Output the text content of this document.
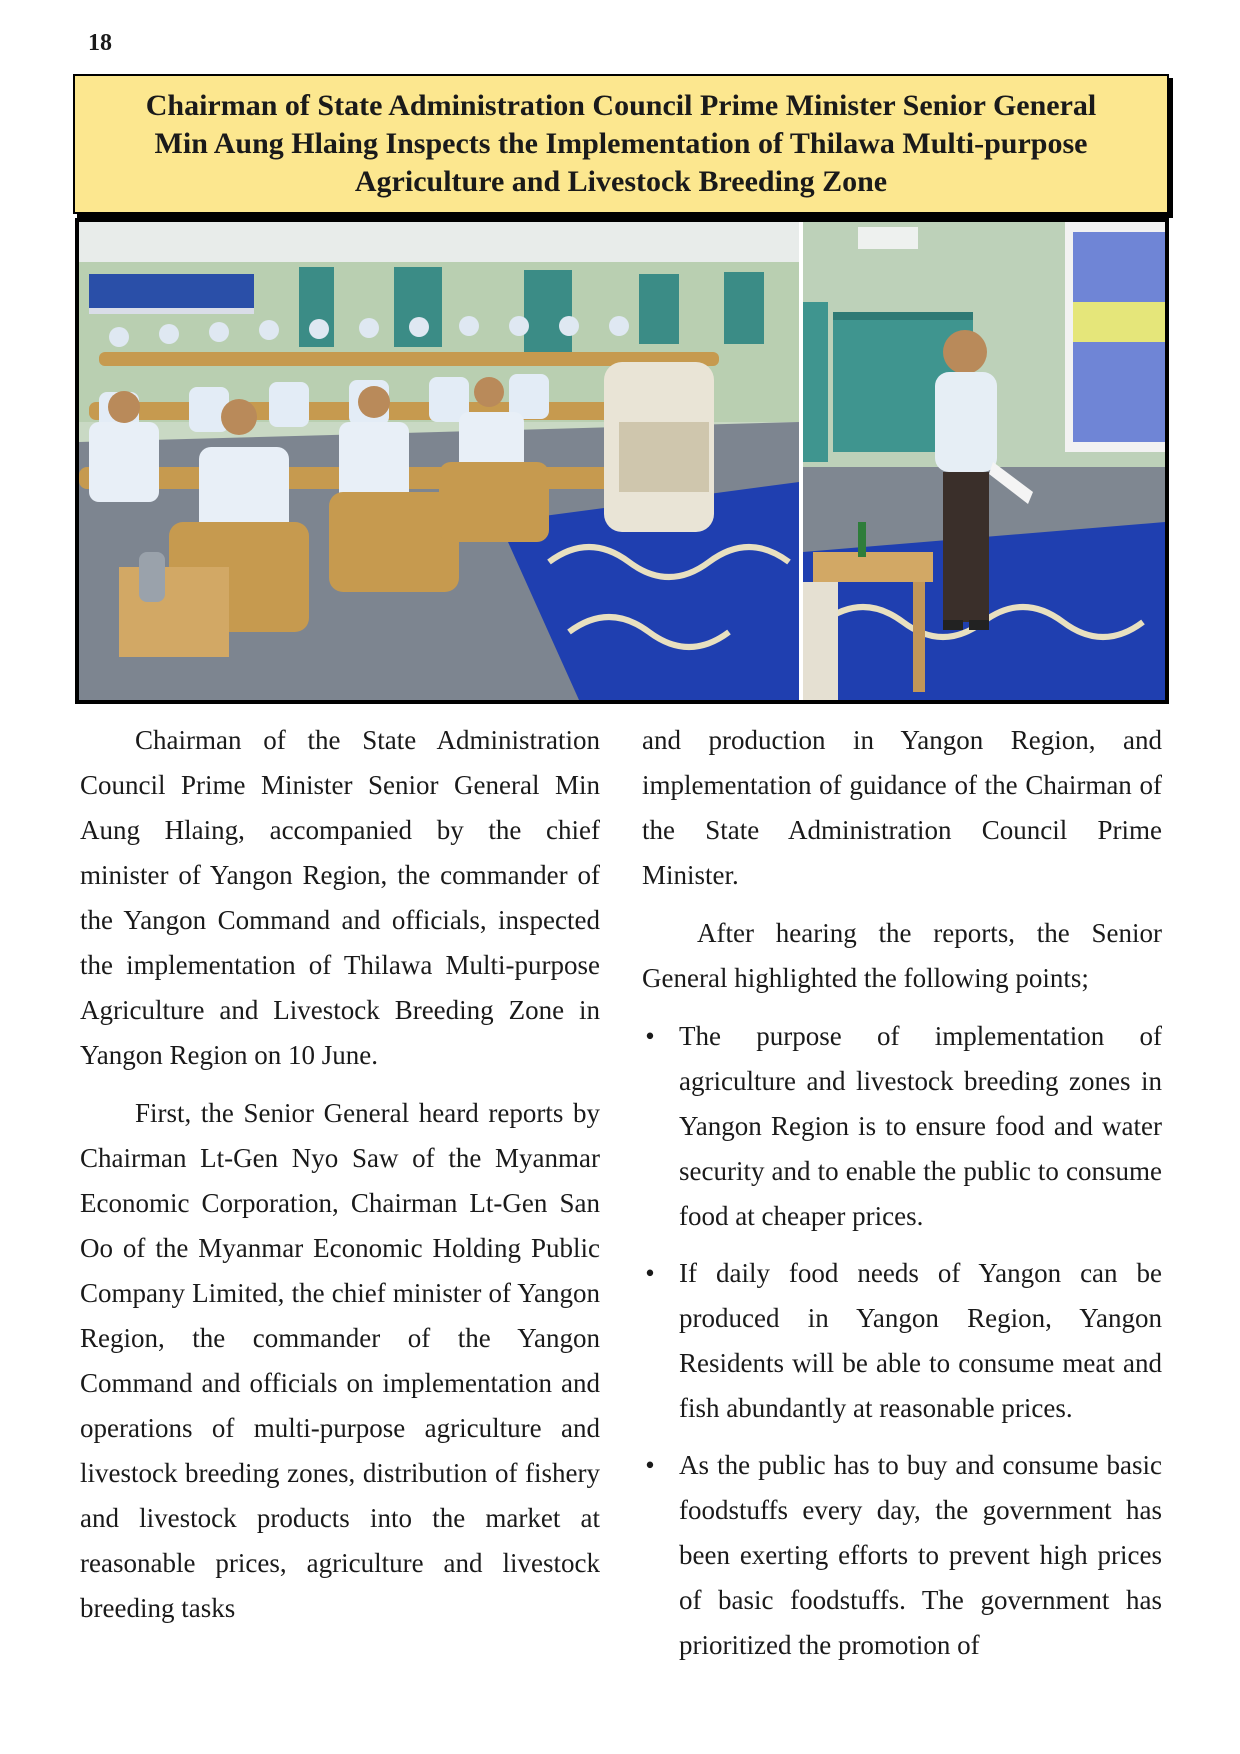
18
Chairman of State Administration Council Prime Minister Senior General
Min Aung Hlaing Inspects the Implementation of Thilawa Multi-purpose
Agriculture and Livestock Breeding Zone

Chairman of the State Administration Council Prime Minister Senior General Min Aung Hlaing, accompanied by the chief minister of Yangon Region, the commander of the Yangon Command and officials, inspected the implementation of Thilawa Multi-purpose Agriculture and Livestock Breeding Zone in Yangon Region on 10 June.

First, the Senior General heard reports by Chairman Lt-Gen Nyo Saw of the Myanmar Economic Corporation, Chairman Lt-Gen San Oo of the Myanmar Economic Holding Public Company Limited, the chief minister of Yangon Region, the commander of the Yangon Command and officials on implementation and operations of multi-purpose agriculture and livestock breeding zones, distribution of fishery and livestock products into the market at reasonable prices, agriculture and livestock breeding tasks

and production in Yangon Region, and implementation of guidance of the Chairman of the State Administration Council Prime Minister.

After hearing the reports, the Senior General highlighted the following points;

• The purpose of implementation of agriculture and livestock breeding zones in Yangon Region is to ensure food and water security and to enable the public to consume food at cheaper prices.
• If daily food needs of Yangon can be produced in Yangon Region, Yangon Residents will be able to consume meat and fish abundantly at reasonable prices.
• As the public has to buy and consume basic foodstuffs every day, the government has been exerting efforts to prevent high prices of basic foodstuffs. The government has prioritized the promotion of
